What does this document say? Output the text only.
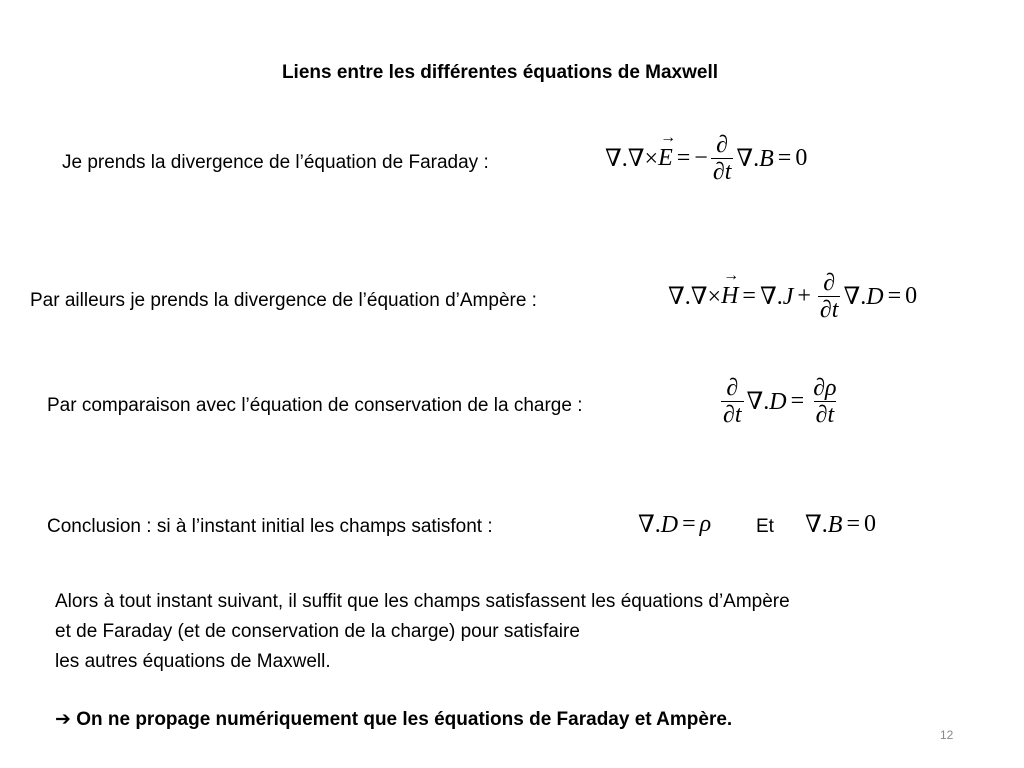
Liens entre les différentes équations de Maxwell
Je prends la divergence de l’équation de Faraday :	∇.∇× → E = − $\frac{\partial}{\partial t} \nabla.B = 0$
Par ailleurs je prends la divergence de l’équation d’Ampère :	∇.∇× → $H = \nabla.J + \frac{\partial}{\partial t} \nabla.D = 0$
Par comparaison avec l’équation de conservation de la charge :	$\frac{\partial}{\partial t} \nabla.D = \frac{\partial\rho}{\partial t}$
Conclusion : si à l’instant initial les champs satisfont :	∇.D = ρ Et ∇.B = 0
Alors à tout instant suivant, il suffit que les champs satisfassent les équations d’Ampère
et de Faraday (et de conservation de la charge) pour satisfaire
les autres équations de Maxwell.
➔ On ne propage numériquement que les équations de Faraday et Ampère.
12
